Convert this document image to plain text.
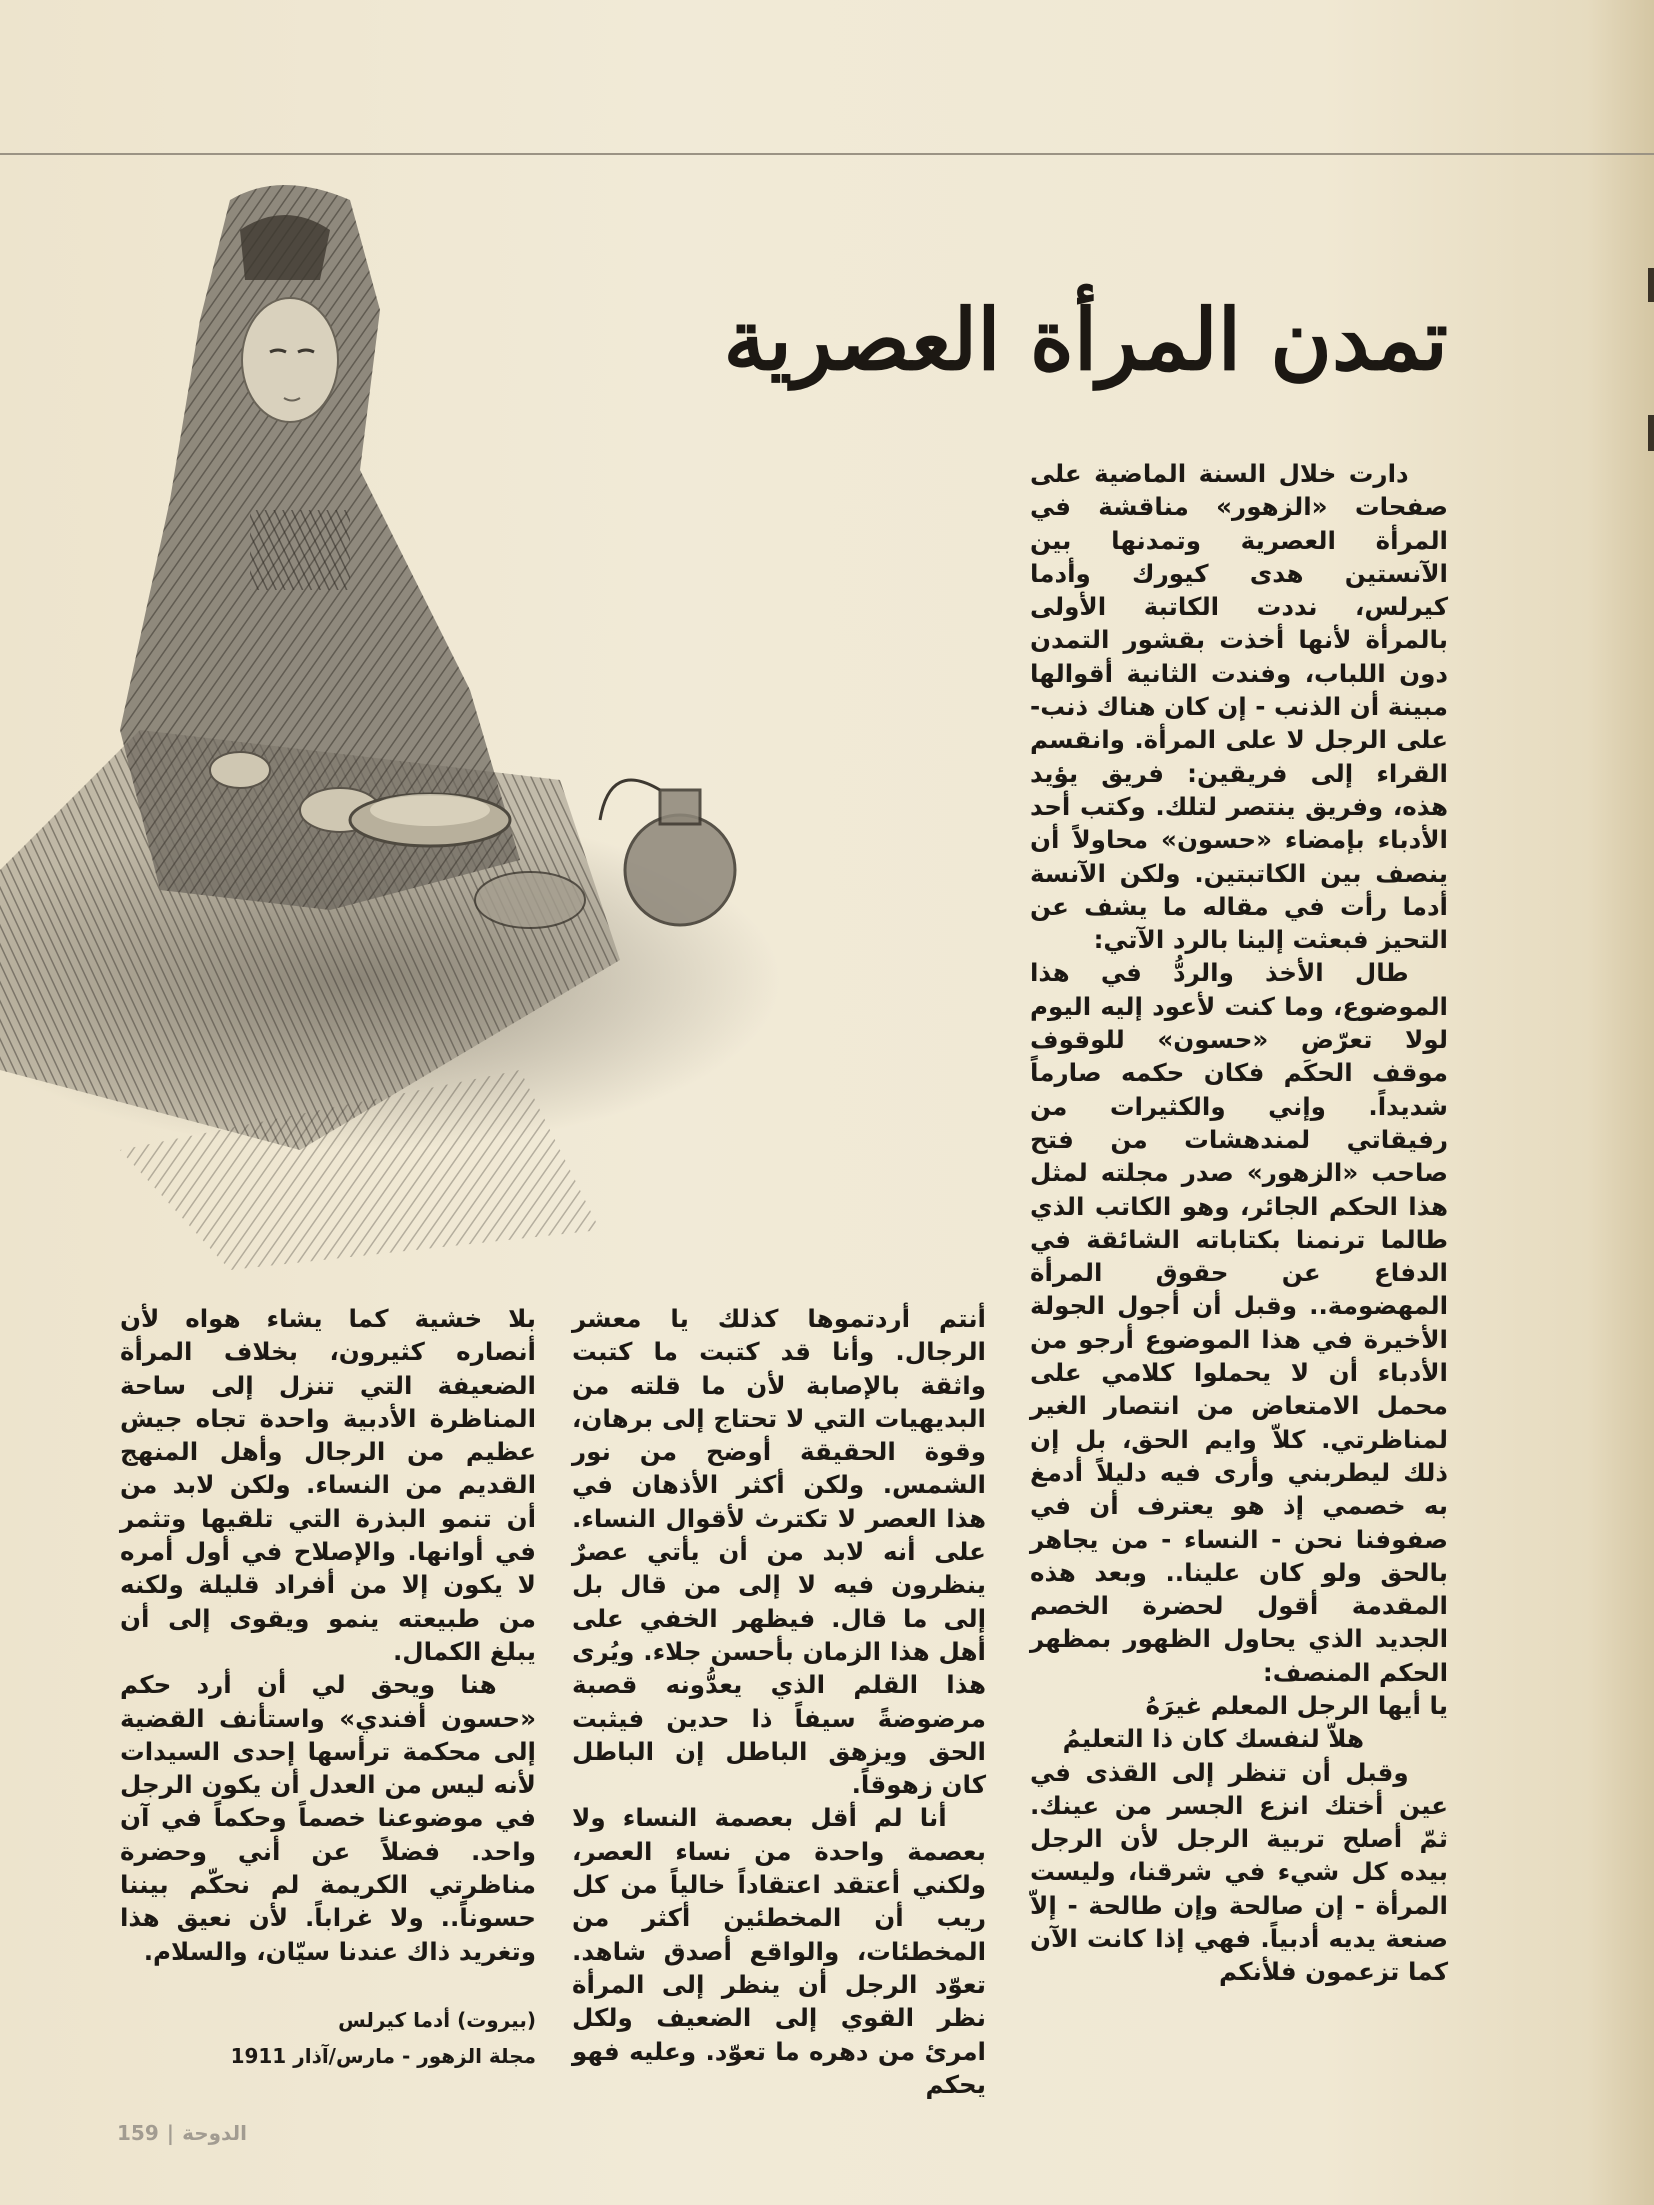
تمدن المرأة العصرية

دارت خلال السنة الماضية على صفحات «الزهور» مناقشة في المرأة العصرية وتمدنها بين الآنستين هدى كيورك وأدما كيرلس، نددت الكاتبة الأولى بالمرأة لأنها أخذت بقشور التمدن دون اللباب، وفندت الثانية أقوالها مبينة أن الذنب - إن كان هناك ذنب- على الرجل لا على المرأة. وانقسم القراء إلى فريقين: فريق يؤيد هذه، وفريق ينتصر لتلك. وكتب أحد الأدباء بإمضاء «حسون» محاولاً أن ينصف بين الكاتبتين. ولكن الآنسة أدما رأت في مقاله ما يشف عن التحيز فبعثت إلينا بالرد الآتي:

طال الأخذ والردُّ في هذا الموضوع، وما كنت لأعود إليه اليوم لولا تعرّض «حسون» للوقوف موقف الحكَم فكان حكمه صارماً شديداً. وإني والكثيرات من رفيقاتي لمندهشات من فتح صاحب «الزهور» صدر مجلته لمثل هذا الحكم الجائر، وهو الكاتب الذي طالما ترنمنا بكتاباته الشائقة في الدفاع عن حقوق المرأة المهضومة.. وقبل أن أجول الجولة الأخيرة في هذا الموضوع أرجو من الأدباء أن لا يحملوا كلامي على محمل الامتعاض من انتصار الغير لمناظرتي. كلاّ وايم الحق، بل إن ذلك ليطربني وأرى فيه دليلاً أدمغ به خصمي إذ هو يعترف أن في صفوفنا نحن - النساء - من يجاهر بالحق ولو كان علينا.. وبعد هذه المقدمة أقول لحضرة الخصم الجديد الذي يحاول الظهور بمظهر الحكم المنصف:

يا أيها الرجل المعلم غيرَهُ

هلاّ لنفسك كان ذا التعليمُ

وقبل أن تنظر إلى القذى في عين أختك انزع الجسر من عينك. ثمّ أصلح تربية الرجل لأن الرجل بيده كل شيء في شرقنا، وليست المرأة - إن صالحة وإن طالحة - إلاّ صنعة يديه أدبياً. فهي إذا كانت الآن كما تزعمون فلأنكم

أنتم أردتموها كذلك يا معشر الرجال. وأنا قد كتبت ما كتبت واثقة بالإصابة لأن ما قلته من البديهيات التي لا تحتاج إلى برهان، وقوة الحقيقة أوضح من نور الشمس. ولكن أكثر الأذهان في هذا العصر لا تكترث لأقوال النساء. على أنه لابد من أن يأتي عصرٌ ينظرون فيه لا إلى من قال بل إلى ما قال. فيظهر الخفي على أهل هذا الزمان بأحسن جلاء. ويُرى هذا القلم الذي يعدُّونه قصبة مرضوضةً سيفاً ذا حدين فيثبت الحق ويزهق الباطل إن الباطل كان زهوقاً.

أنا لم أقل بعصمة النساء ولا بعصمة واحدة من نساء العصر، ولكني أعتقد اعتقاداً خالياً من كل ريب أن المخطئين أكثر من المخطئات، والواقع أصدق شاهد. تعوّد الرجل أن ينظر إلى المرأة نظر القوي إلى الضعيف ولكل امرئ من دهره ما تعوّد. وعليه فهو يحكم

بلا خشية كما يشاء هواه لأن أنصاره كثيرون، بخلاف المرأة الضعيفة التي تنزل إلى ساحة المناظرة الأدبية واحدة تجاه جيش عظيم من الرجال وأهل المنهج القديم من النساء. ولكن لابد من أن تنمو البذرة التي تلقيها وتثمر في أوانها. والإصلاح في أول أمره لا يكون إلا من أفراد قليلة ولكنه من طبيعته ينمو ويقوى إلى أن يبلغ الكمال.

هنا ويحق لي أن أرد حكم «حسون أفندي» واستأنف القضية إلى محكمة ترأسها إحدى السيدات لأنه ليس من العدل أن يكون الرجل في موضوعنا خصماً وحكماً في آن واحد. فضلاً عن أني وحضرة مناظرتي الكريمة لم نحكّم بيننا حسوناً.. ولا غراباً. لأن نعيق هذا وتغريد ذاك عندنا سيّان، والسلام.

(بيروت) أدما كيرلس
مجلة الزهور - مارس/آذار 1911
159 | الدوحة
